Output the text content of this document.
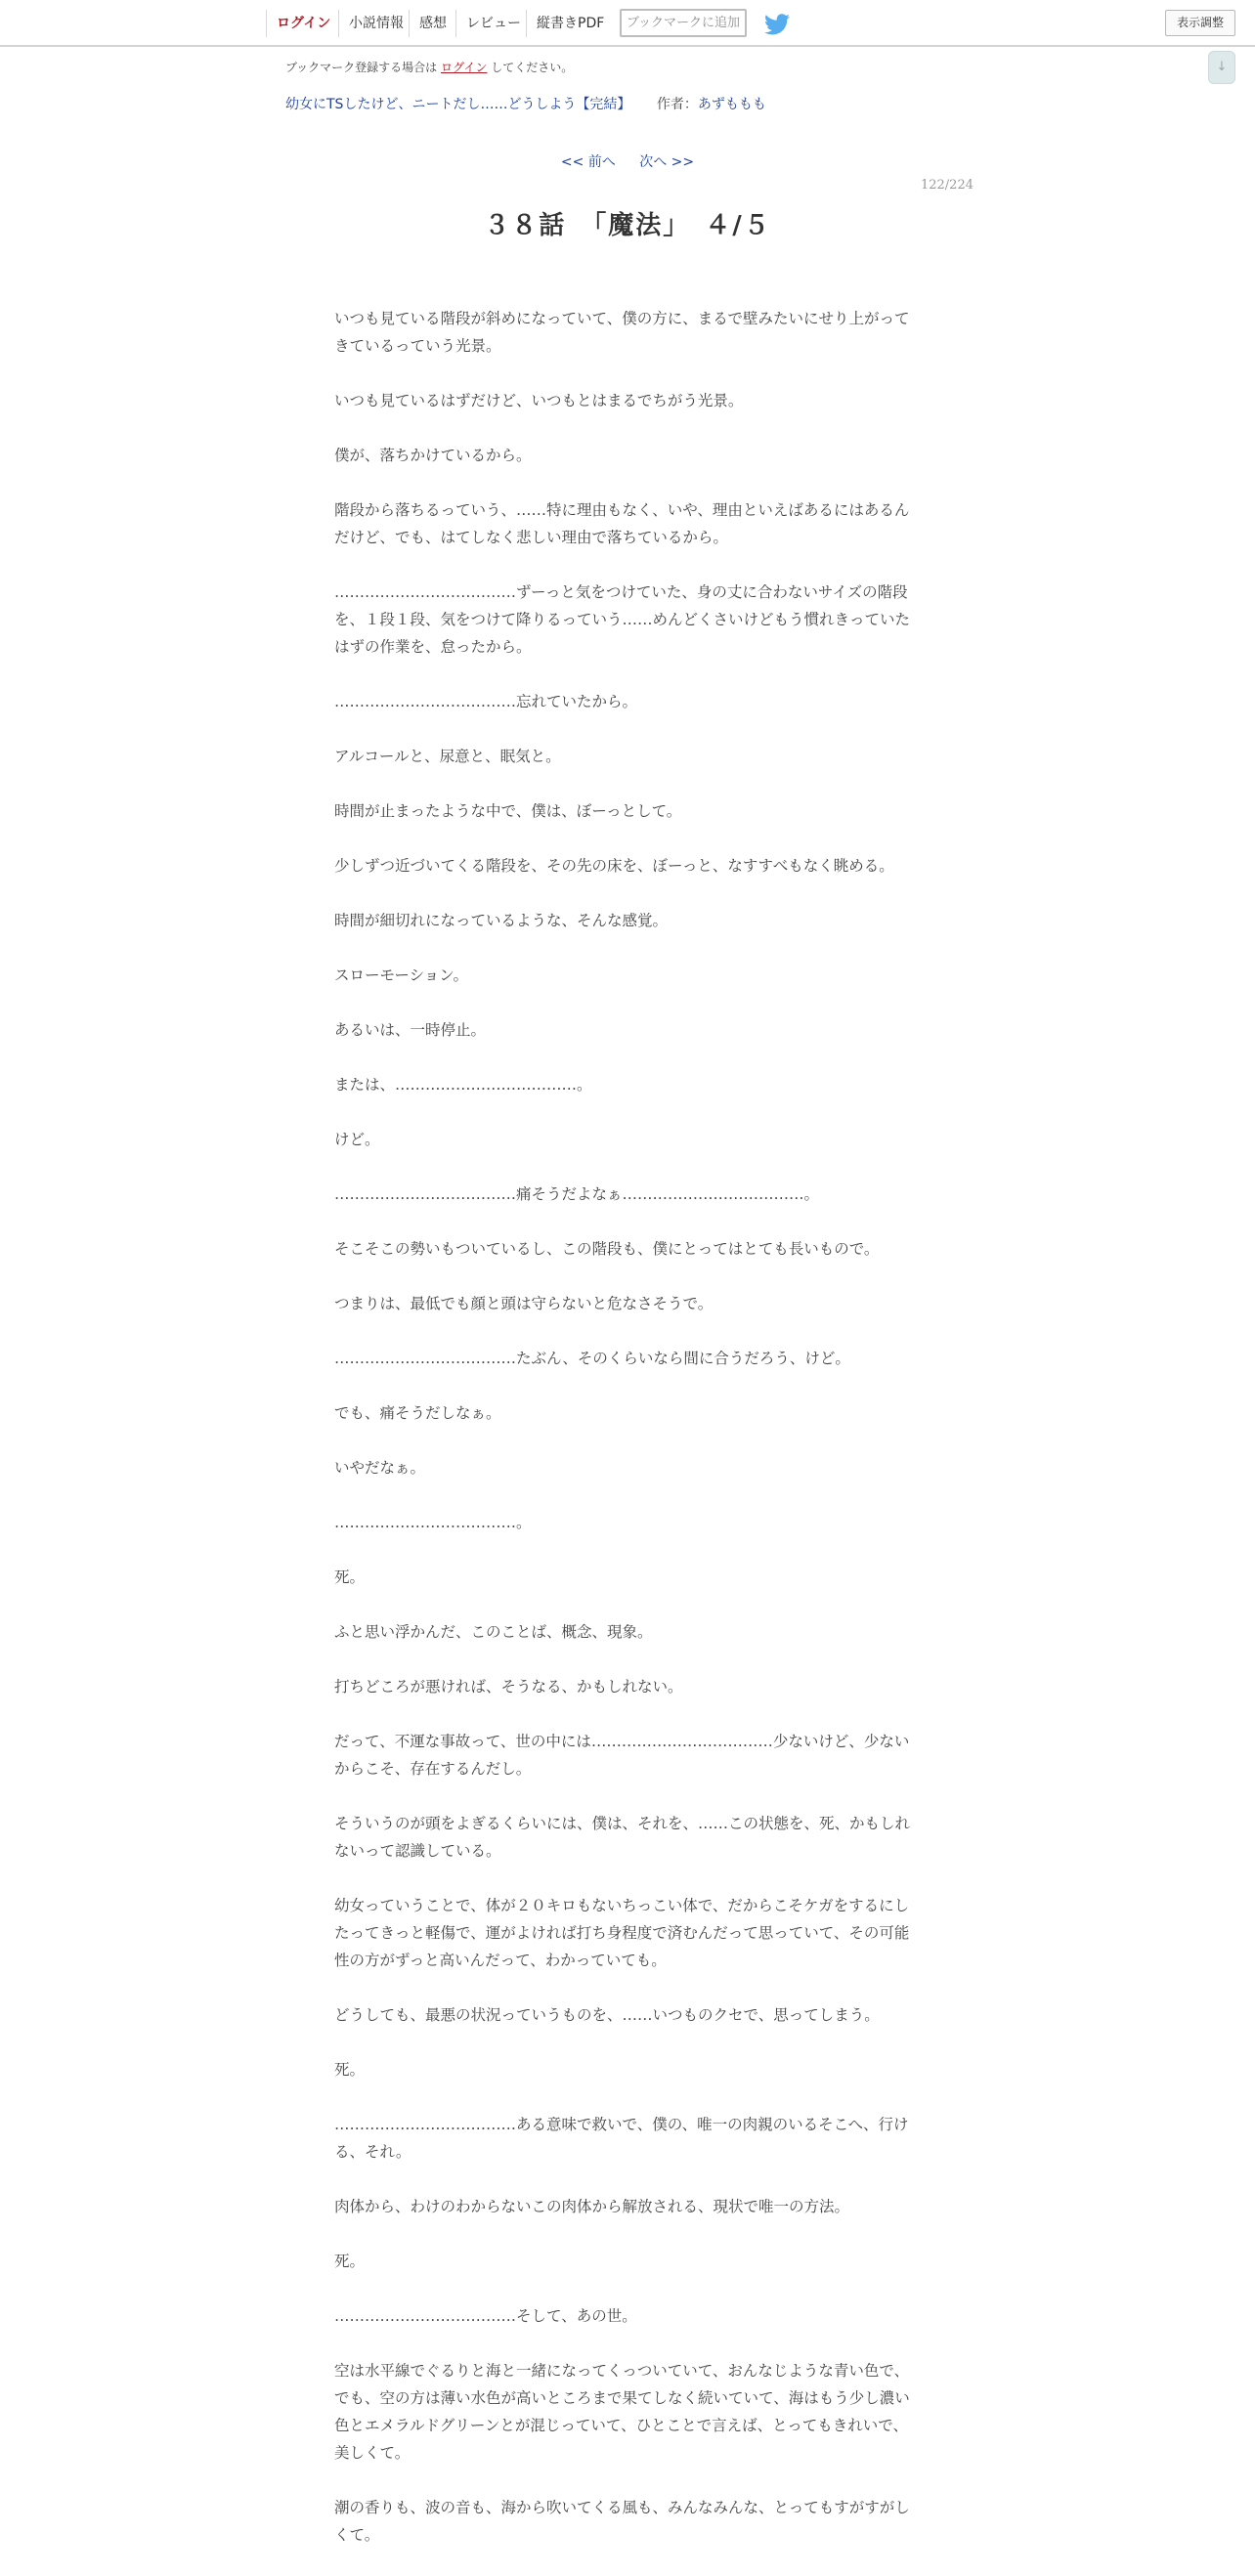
ログイン	小説情報	感想	レビュー	縦書きPDF	ブックマークに追加	表示調整
↓
ブックマーク登録する場合は ログイン してください。
幼女にTSしたけど、ニートだし……どうしよう【完結】 作者：あずももも
<< 前へ 次へ >>
122/224
３８話　「魔法」　４/５

いつも見ている階段が斜めになっていて、僕の方に、まるで壁みたいにせり上がってきているっていう光景。

いつも見ているはずだけど、いつもとはまるでちがう光景。

僕が、落ちかけているから。

階段から落ちるっていう、……特に理由もなく、いや、理由といえばあるにはあるんだけど、でも、はてしなく悲しい理由で落ちているから。

………………………………ずーっと気をつけていた、身の丈に合わないサイズの階段を、１段１段、気をつけて降りるっていう……めんどくさいけどもう慣れきっていたはずの作業を、怠ったから。

………………………………忘れていたから。

アルコールと、尿意と、眠気と。

時間が止まったような中で、僕は、ぼーっとして。

少しずつ近づいてくる階段を、その先の床を、ぼーっと、なすすべもなく眺める。

時間が細切れになっているような、そんな感覚。

スローモーション。

あるいは、一時停止。

または、………………………………。

けど。

………………………………痛そうだよなぁ………………………………。

そこそこの勢いもついているし、この階段も、僕にとってはとても長いもので。

つまりは、最低でも顔と頭は守らないと危なさそうで。

………………………………たぶん、そのくらいなら間に合うだろう、けど。

でも、痛そうだしなぁ。

いやだなぁ。

………………………………。

死。

ふと思い浮かんだ、このことば、概念、現象。

打ちどころが悪ければ、そうなる、かもしれない。

だって、不運な事故って、世の中には………………………………少ないけど、少ないからこそ、存在するんだし。

そういうのが頭をよぎるくらいには、僕は、それを、……この状態を、死、かもしれないって認識している。

幼女っていうことで、体が２０キロもないちっこい体で、だからこそケガをするにしたってきっと軽傷で、運がよければ打ち身程度で済むんだって思っていて、その可能性の方がずっと高いんだって、わかっていても。

どうしても、最悪の状況っていうものを、……いつものクセで、思ってしまう。

死。

………………………………ある意味で救いで、僕の、唯一の肉親のいるそこへ、行ける、それ。

肉体から、わけのわからないこの肉体から解放される、現状で唯一の方法。

死。

………………………………そして、あの世。

空は水平線でぐるりと海と一緒になってくっついていて、おんなじような青い色で、でも、空の方は薄い水色が高いところまで果てしなく続いていて、海はもう少し濃い色とエメラルドグリーンとが混じっていて、ひとことで言えば、とってもきれいで、美しくて。

潮の香りも、波の音も、海から吹いてくる風も、みんなみんな、とってもすがすがしくて。
